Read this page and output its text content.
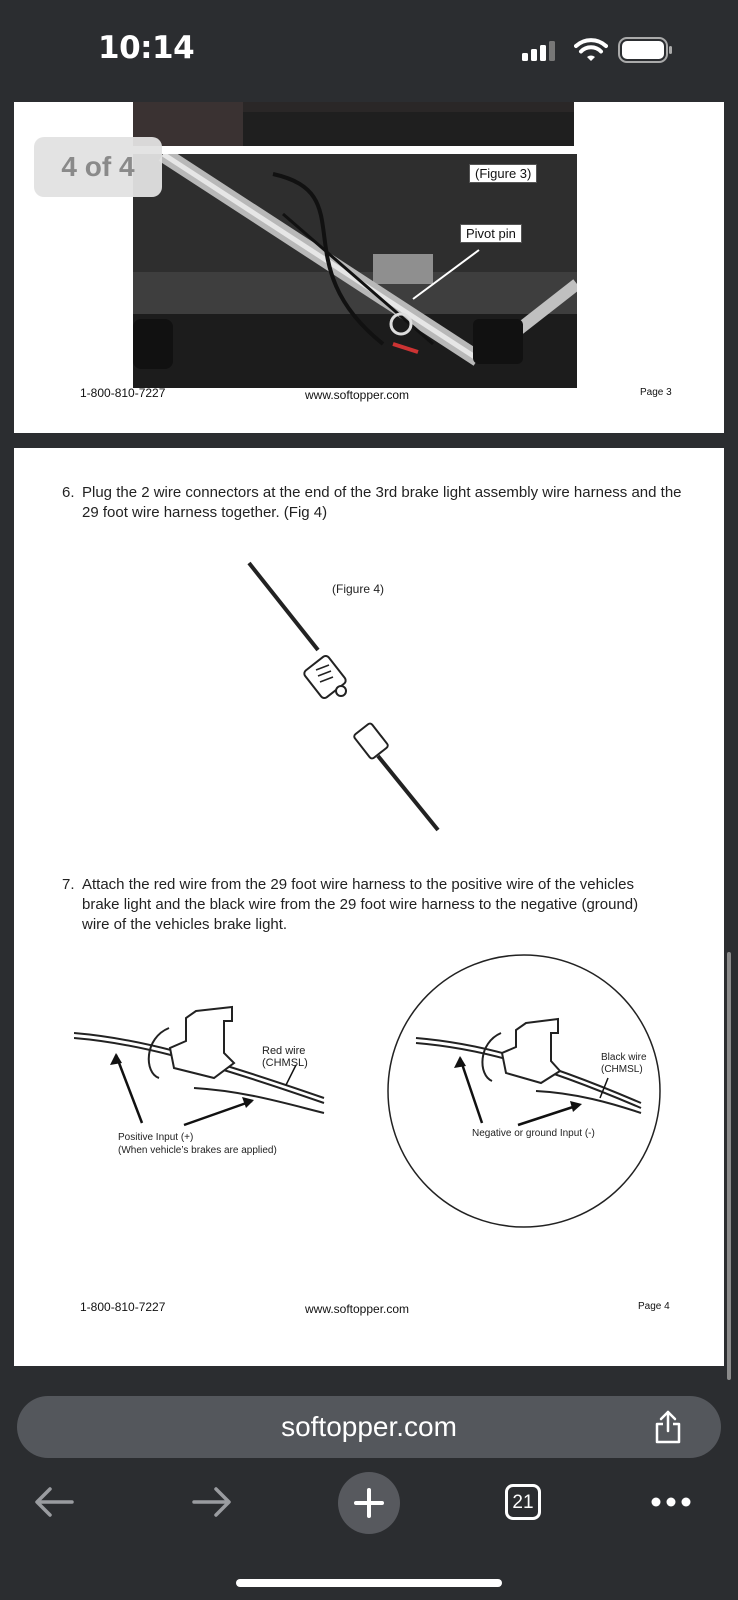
10:14
(Figure 3)
Pivot pin
1-800-810-7227	www.softopper.com	Page 3
6. Plug the 2 wire connectors at the end of the 3rd brake light assembly wire harness and the 29 foot wire harness together. (Fig 4)
(Figure 4)
7. Attach the red wire from the 29 foot wire harness to the positive wire of the vehicles brake light and the black wire from the 29 foot wire harness to the negative (ground) wire of the vehicles brake light.
Red wire
(CHMSL)
Positive Input (+)
(When vehicle’s brakes are applied)
Black wire
(CHMSL)
Negative or ground Input (-)
1-800-810-7227	www.softopper.com	Page 4
4 of 4
softopper.com
21
